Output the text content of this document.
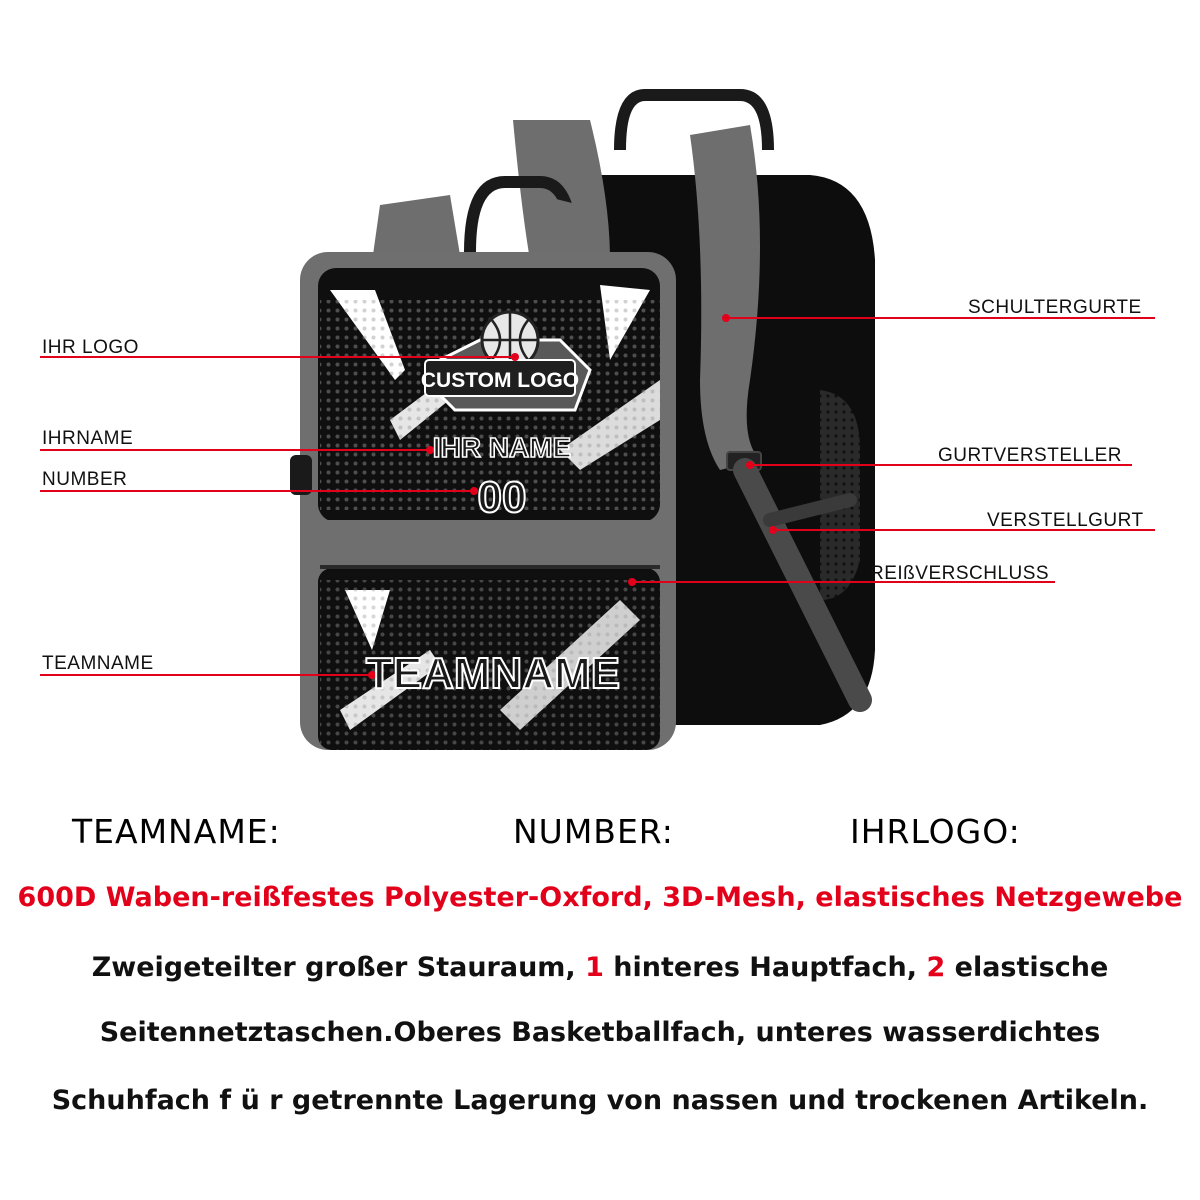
CUSTOM LOGO
IHR NAME
00
TEAMNAME
IHR LOGO
IHRNAME
NUMBER
TEAMNAME
SCHULTERGURTE
GURTVERSTELLER
VERSTELLGURT
REIßVERSCHLUSS
TEAMNAME:	NUMBER:	IHRLOGO:
600D Waben-reißfestes Polyester-Oxford, 3D-Mesh, elastisches Netzgewebe
Zweigeteilter großer Stauraum, 1 hinteres Hauptfach, 2 elastische
Seitennetztaschen.Oberes Basketballfach, unteres wasserdichtes
Schuhfach f ü r getrennte Lagerung von nassen und trockenen Artikeln.
